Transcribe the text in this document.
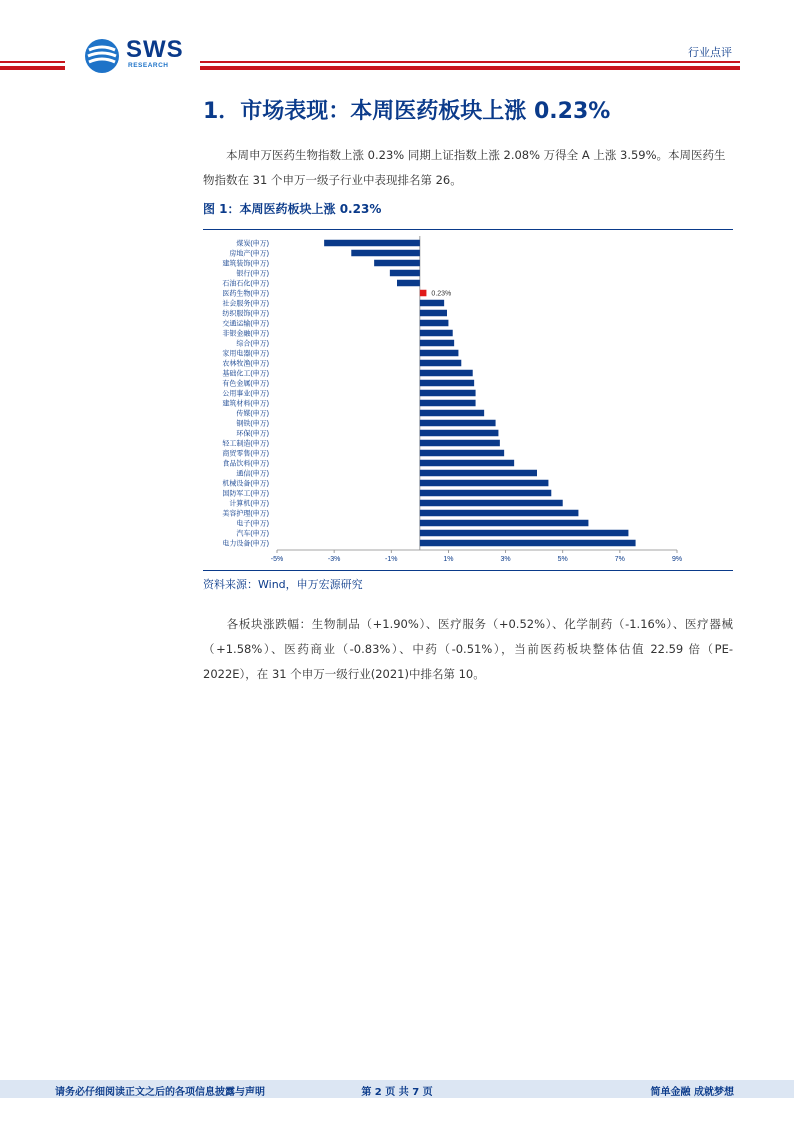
SWS
RESEARCH
行业点评
1．市场表现：本周医药板块上涨 0.23%
本周申万医药生物指数上涨 0.23% 同期上证指数上涨 2.08% 万得全 A 上涨 3.59%。本周医药生物指数在 31 个申万一级子行业中表现排名第 26。
图 1：本周医药板块上涨 0.23%
-5%	-3%	-1%	1%	3%	5%	7%	9%
煤炭(申万)
房地产(申万)
建筑装饰(申万)
银行(申万)
石油石化(申万)
医药生物(申万)	0.23%
社会服务(申万)
纺织服饰(申万)
交通运输(申万)
非银金融(申万)
综合(申万)
家用电器(申万)
农林牧渔(申万)
基础化工(申万)
有色金属(申万)
公用事业(申万)
建筑材料(申万)
传媒(申万)
钢铁(申万)
环保(申万)
轻工制造(申万)
商贸零售(申万)
食品饮料(申万)
通信(申万)
机械设备(申万)
国防军工(申万)
计算机(申万)
美容护理(申万)
电子(申万)
汽车(申万)
电力设备(申万)
资料来源：Wind，申万宏源研究
各板块涨跌幅：生物制品（+1.90%）、医疗服务（+0.52%）、化学制药（-1.16%）、医疗器械（+1.58%）、医药商业（-0.83%）、中药（-0.51%），当前医药板块整体估值 22.59 倍（PE-2022E），在 31 个申万一级行业(2021)中排名第 10。
请务必仔细阅读正文之后的各项信息披露与声明	第 2 页 共 7 页	简单金融 成就梦想
